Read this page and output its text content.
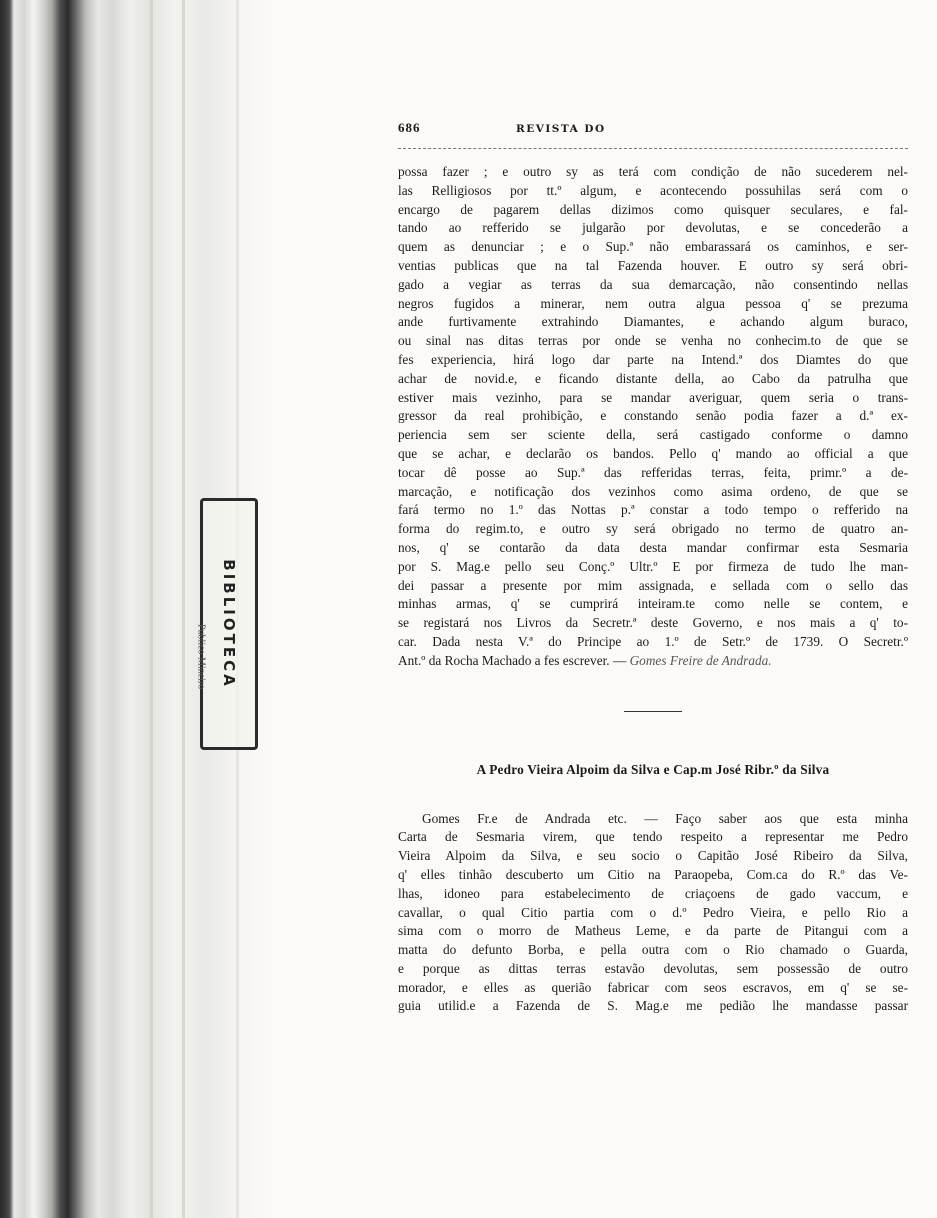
BIBLIOTECA
Publico Mineiro
686	REVISTA DO
possa fazer ; e outro sy as terá com condição de não sucederem nel-
las Relligiosos por tt.º algum, e acontecendo possuhilas será com o
encargo de pagarem dellas dizimos como quisquer seculares, e fal-
tando ao refferido se julgarão por devolutas, e se concederão a
quem as denunciar ; e o Sup.ª não embarassará os caminhos, e ser-
ventias publicas que na tal Fazenda houver. E outro sy será obri-
gado a vegiar as terras da sua demarcação, não consentindo nellas
negros fugidos a minerar, nem outra algua pessoa q' se prezuma
ande furtivamente extrahindo Diamantes, e achando algum buraco,
ou sinal nas ditas terras por onde se venha no conhecim.to de que se
fes experiencia, hirá logo dar parte na Intend.ª dos Diamtes do que
achar de novid.e, e ficando distante della, ao Cabo da patrulha que
estiver mais vezinho, para se mandar averiguar, quem seria o trans-
gressor da real prohibição, e constando senão podia fazer a d.ª ex-
periencia sem ser sciente della, será castigado conforme o damno
que se achar, e declarão os bandos. Pello q' mando ao official a que
tocar dê posse ao Sup.ª das refferidas terras, feita, primr.º a de-
marcação, e notificação dos vezinhos como asima ordeno, de que se
fará termo no 1.º das Nottas p.ª constar a todo tempo o refferido na
forma do regim.to, e outro sy será obrigado no termo de quatro an-
nos, q' se contarão da data desta mandar confirmar esta Sesmaria
por S. Mag.e pello seu Conç.º Ultr.º E por firmeza de tudo lhe man-
dei passar a presente por mim assignada, e sellada com o sello das
minhas armas, q' se cumprirá inteiram.te como nelle se contem, e
se registará nos Livros da Secretr.ª deste Governo, e nos mais a q' to-
car. Dada nesta V.ª do Principe ao 1.º de Setr.º de 1739. O Secretr.º
Ant.º da Rocha Machado a fes escrever. — Gomes Freire de Andrada.
A Pedro Vieira Alpoim da Silva e Cap.m José Ribr.º da Silva
Gomes Fr.e de Andrada etc. — Faço saber aos que esta minha
Carta de Sesmaria virem, que tendo respeito a representar me Pedro
Vieira Alpoim da Silva, e seu socio o Capitão José Ribeiro da Silva,
q' elles tinhão descuberto um Citio na Paraopeba, Com.ca do R.º das Ve-
lhas, idoneo para estabelecimento de criaçoens de gado vaccum, e
cavallar, o qual Citio partia com o d.º Pedro Vieira, e pello Rio a
sima com o morro de Matheus Leme, e da parte de Pitangui com a
matta do defunto Borba, e pella outra com o Rio chamado o Guarda,
e porque as dittas terras estavão devolutas, sem possessão de outro
morador, e elles as querião fabricar com seos escravos, em q' se se-
guia utilid.e a Fazenda de S. Mag.e me pedião lhe mandasse passar
